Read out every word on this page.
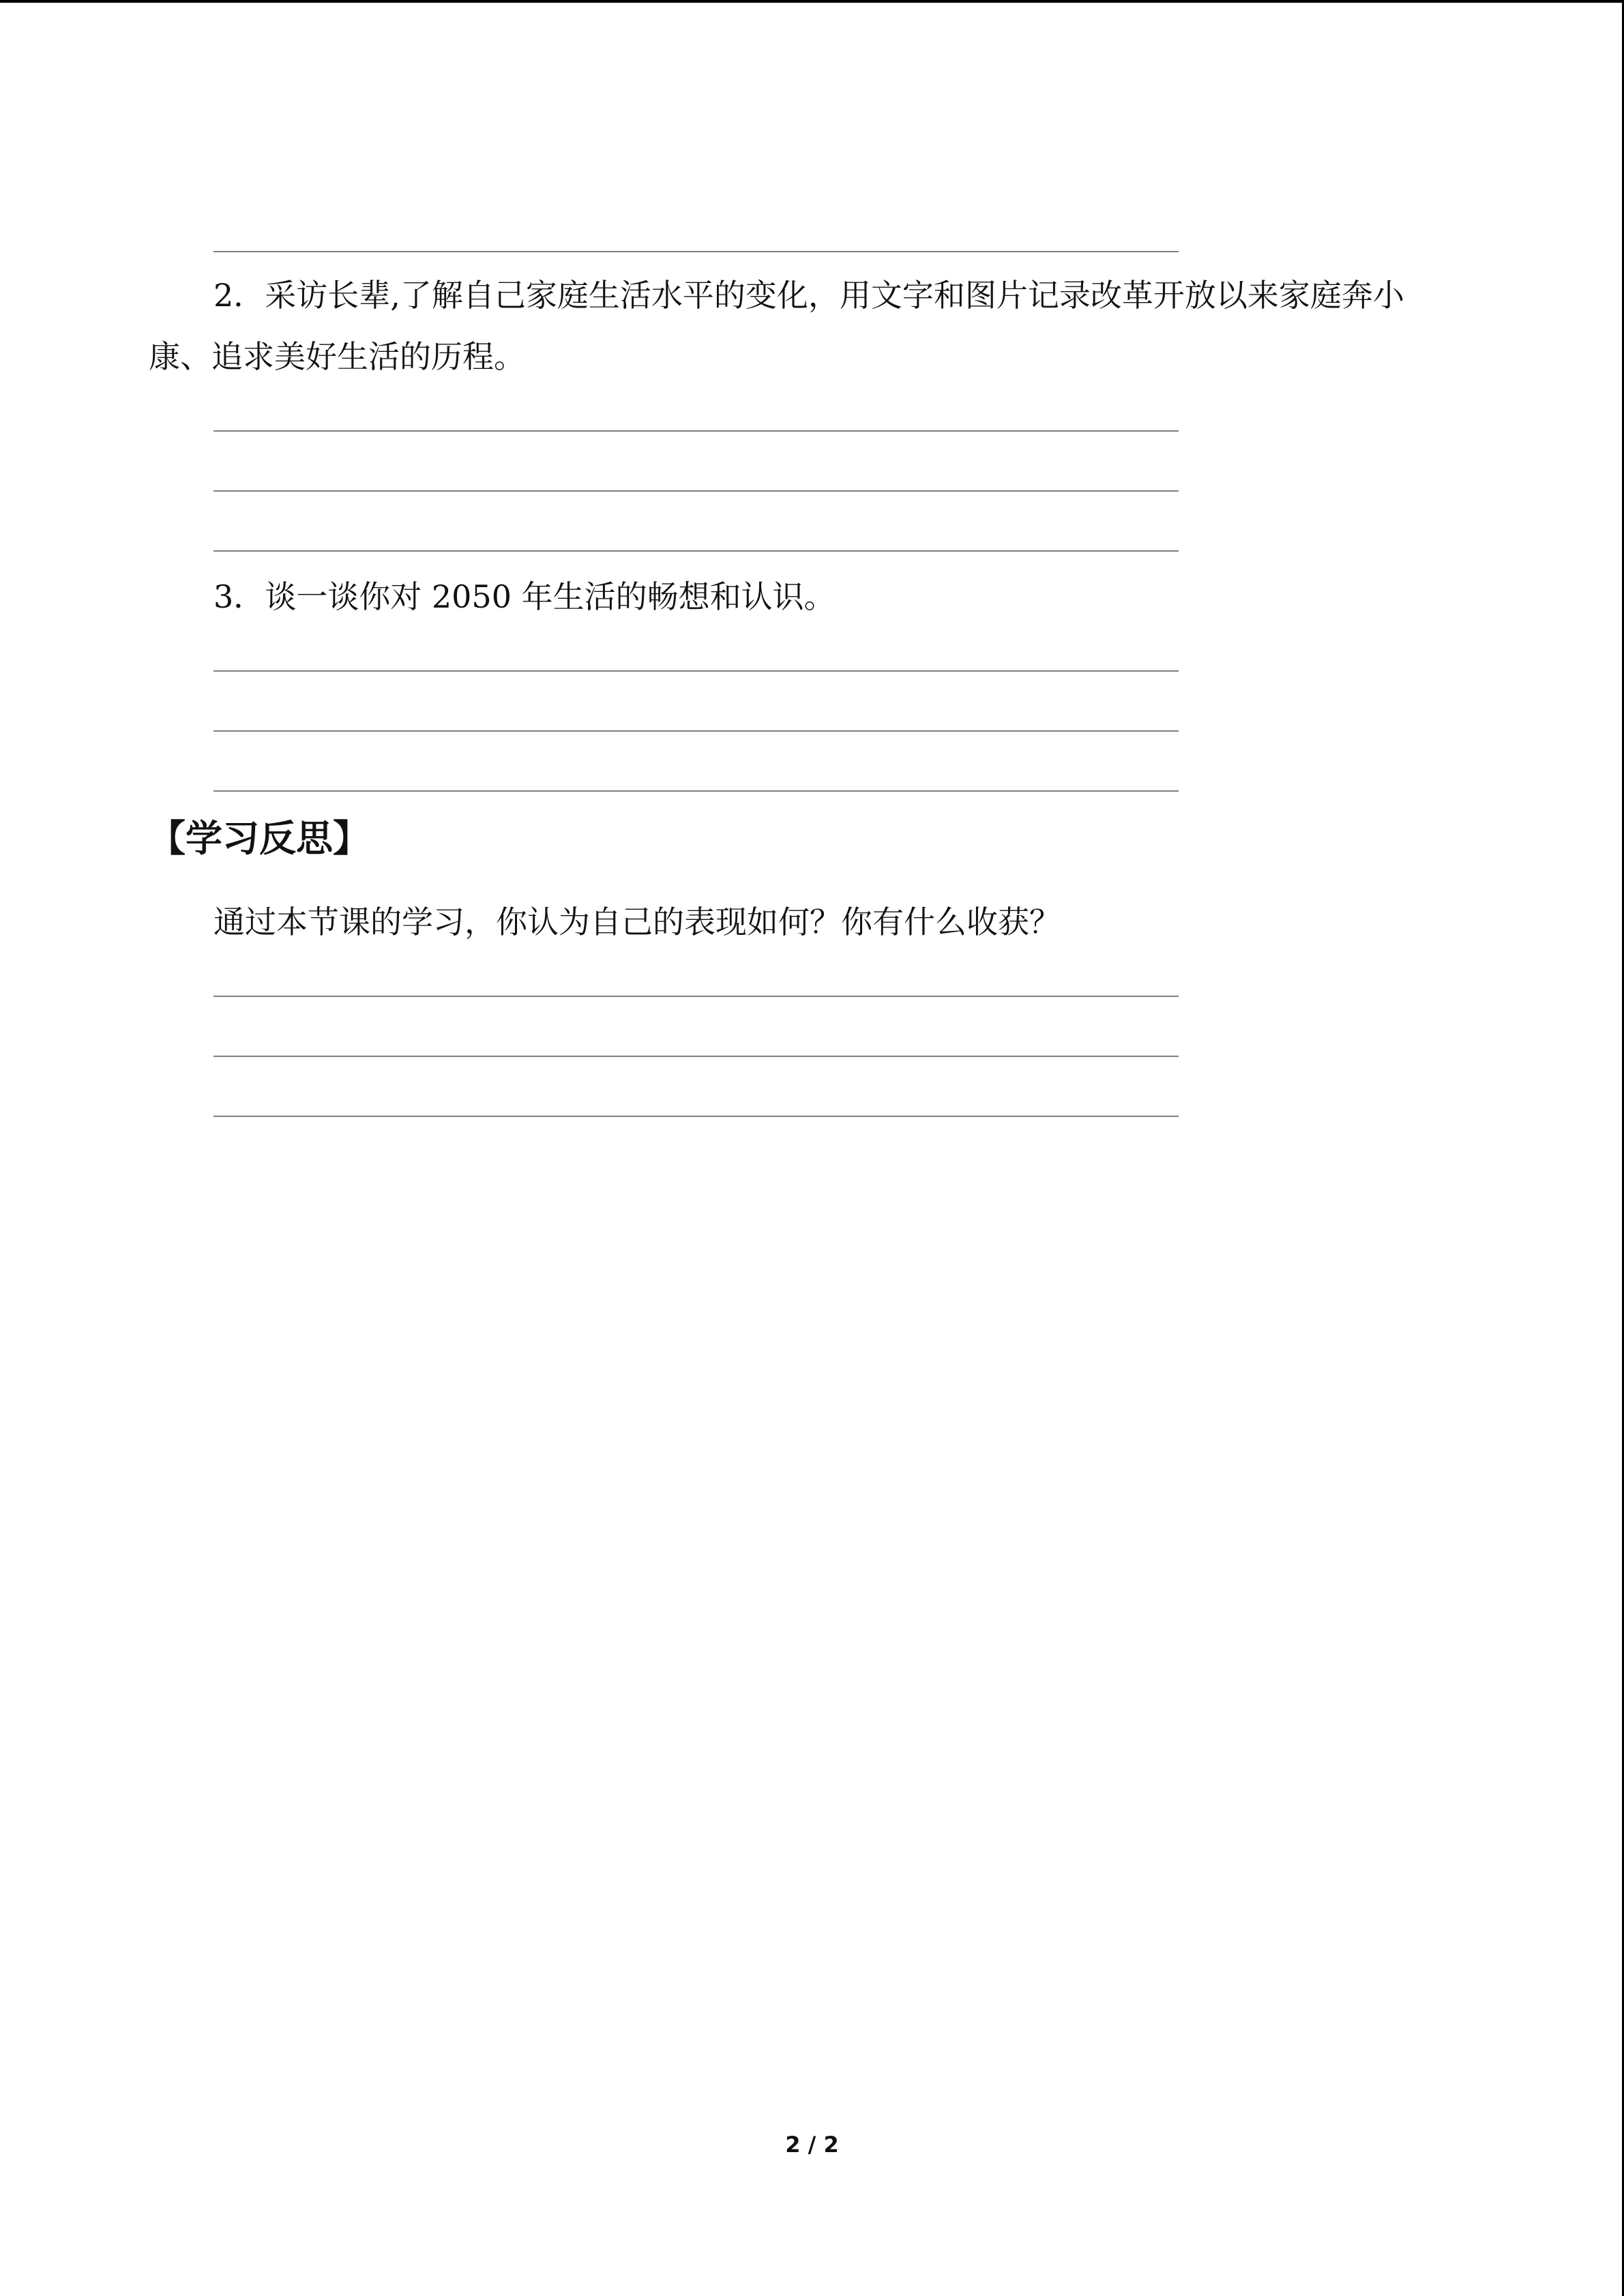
2．采访长辈,了解自己家庭生活水平的变化，用文字和图片记录改革开放以来家庭奔小
康、追求美好生活的历程。
3．谈一谈你对 2050 年生活的畅想和认识。
【学习反思】
通过本节课的学习，你认为自己的表现如何？你有什么收获？
2 / 2
